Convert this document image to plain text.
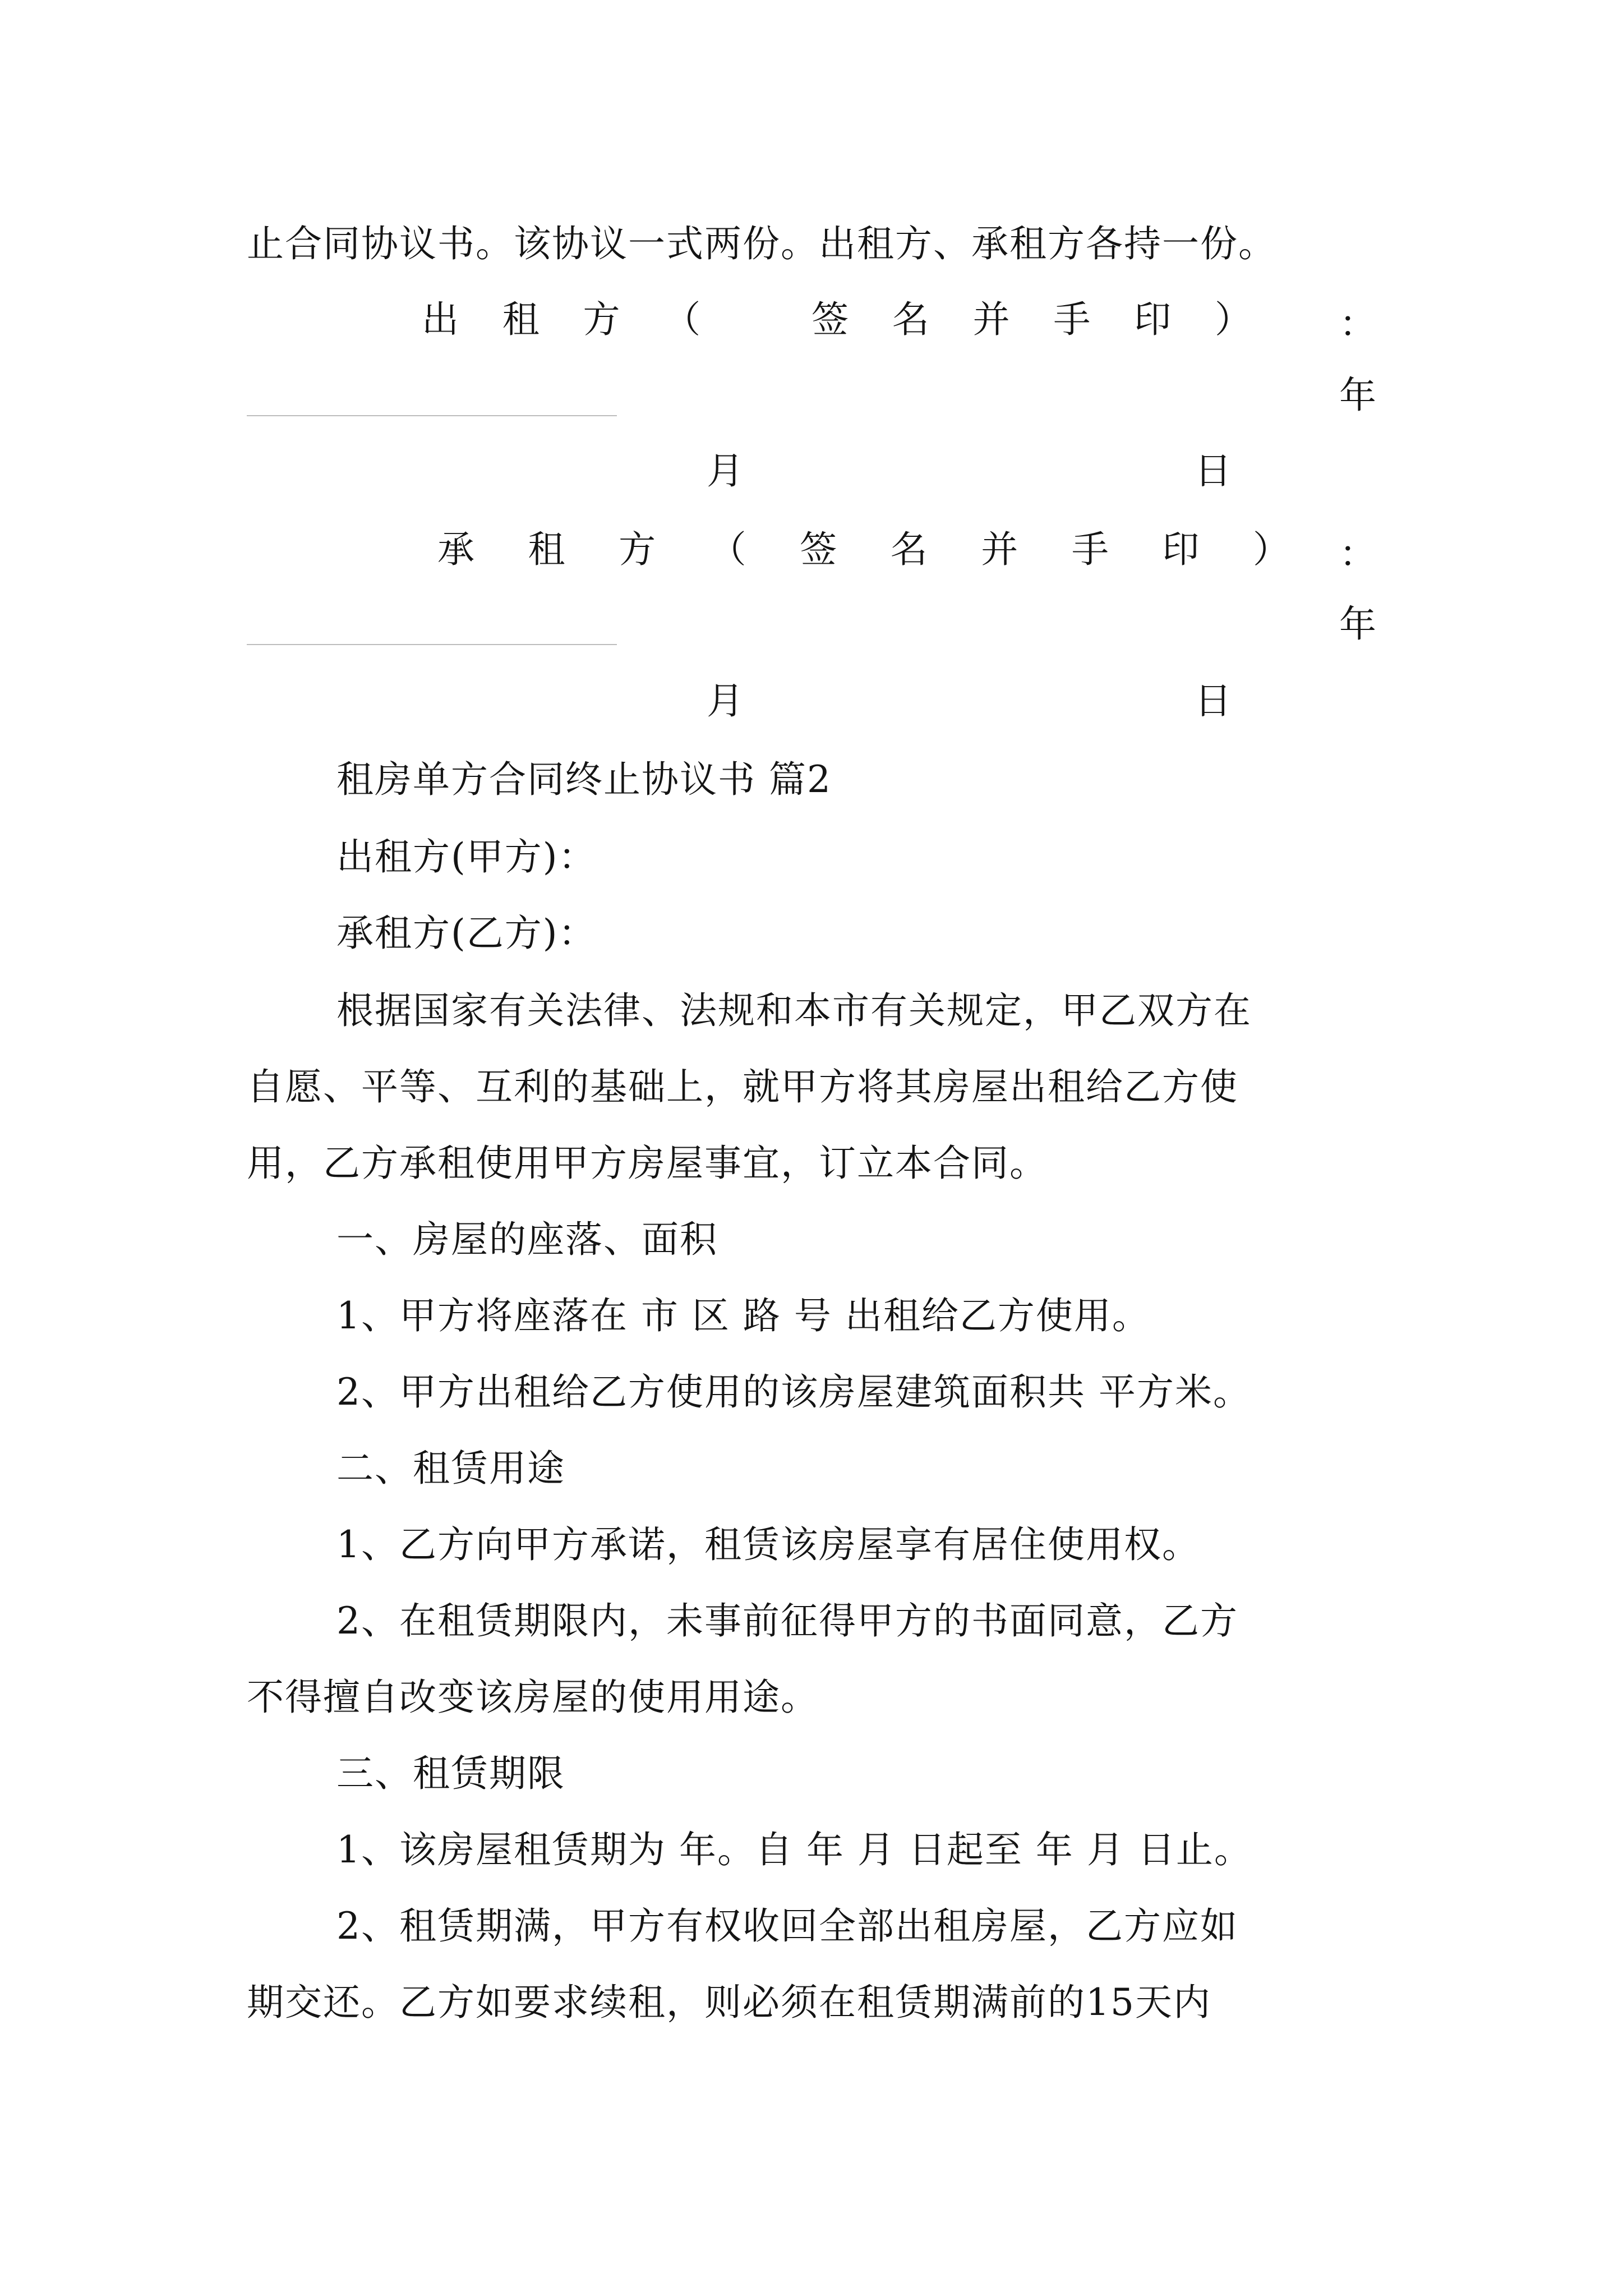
止合同协议书。该协议一式两份。出租方、承租方各持一份。
出 租 方 （	签 名 并 手 印 ） ：
年
月	日
承 租 方 （ 签 名 并 手 印 ） ：
年
月	日
租房单方合同终止协议书 篇2
出租方(甲方)：
承租方(乙方)：
根据国家有关法律、法规和本市有关规定，甲乙双方在
自愿、平等、互利的基础上，就甲方将其房屋出租给乙方使
用，乙方承租使用甲方房屋事宜，订立本合同。
一、房屋的座落、面积
1、甲方将座落在 市 区 路 号 出租给乙方使用。
2、甲方出租给乙方使用的该房屋建筑面积共 平方米。
二、租赁用途
1、乙方向甲方承诺，租赁该房屋享有居住使用权。
2、在租赁期限内，未事前征得甲方的书面同意，乙方
不得擅自改变该房屋的使用用途。
三、租赁期限
1、该房屋租赁期为 年。自 年 月 日起至 年 月 日止。
2、租赁期满，甲方有权收回全部出租房屋，乙方应如
期交还。乙方如要求续租，则必须在租赁期满前的15天内
